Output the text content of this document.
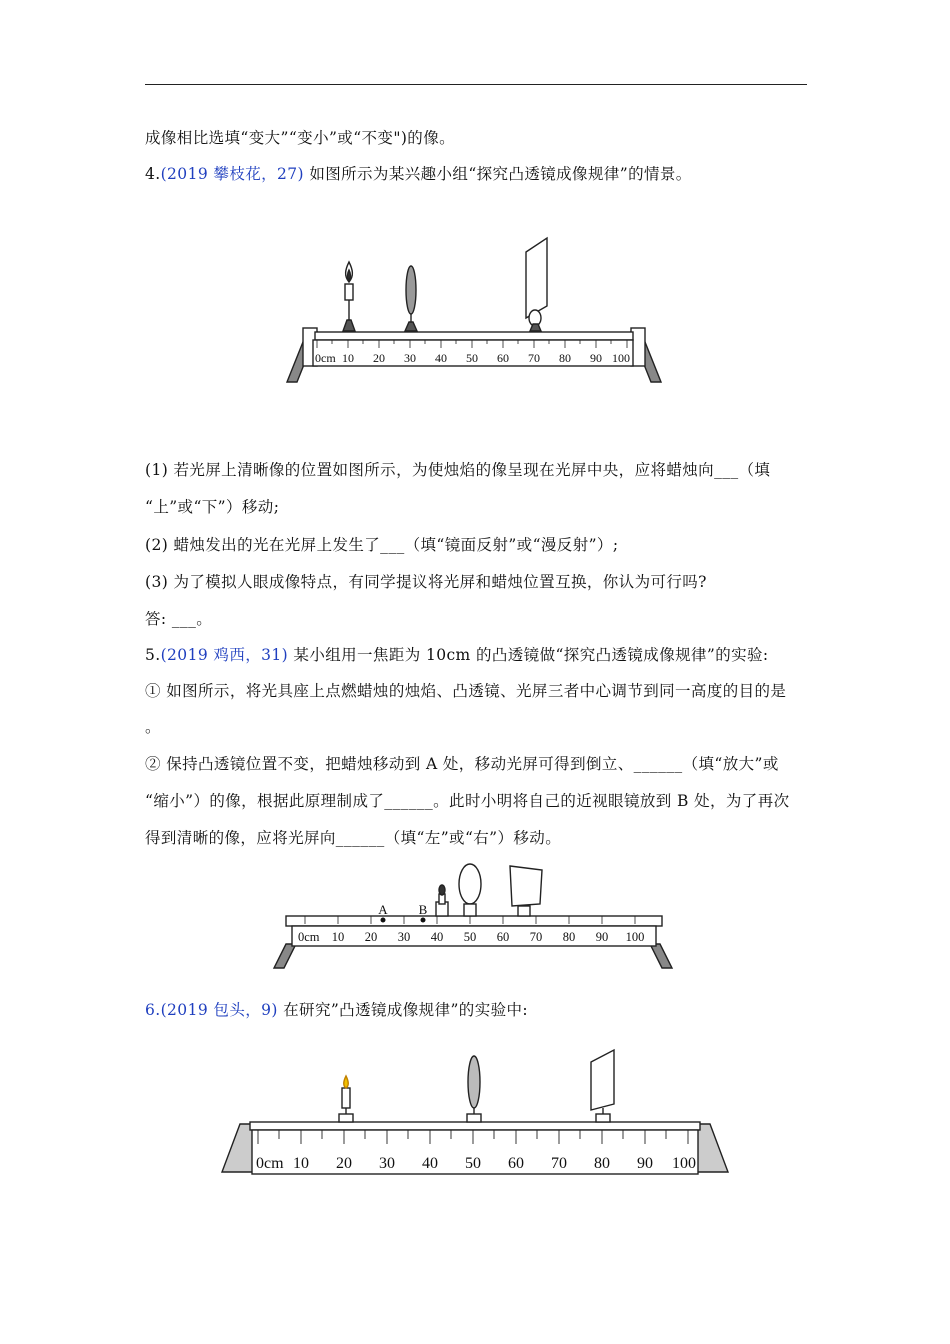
成像相比选填“变大”“变小”或“不变")的像。
4.(2019 攀枝花，27) 如图所示为某兴趣小组“探究凸透镜成像规律”的情景。
0cm 10 20 30 40 50 60 70 80 90 100
(1) 若光屏上清晰像的位置如图所示，为使烛焰的像呈现在光屏中央，应将蜡烛向___（填
“上”或“下”）移动;
(2) 蜡烛发出的光在光屏上发生了___（填“镜面反射”或“漫反射”）;
(3) 为了模拟人眼成像特点，有同学提议将光屏和蜡烛位置互换，你认为可行吗?
答: ___。
5.(2019 鸡西，31) 某小组用一焦距为 10cm 的凸透镜做“探究凸透镜成像规律”的实验:
① 如图所示，将光具座上点燃蜡烛的烛焰、凸透镜、光屏三者中心调节到同一高度的目的是
。
② 保持凸透镜位置不变，把蜡烛移动到 A 处，移动光屏可得到倒立、______（填“放大”或
“缩小”）的像，根据此原理制成了______。此时小明将自己的近视眼镜放到 B 处，为了再次
得到清晰的像，应将光屏向______（填“左”或“右”）移动。
A B
0cm 10 20 30 40 50 60 70 80 90 100
6.(2019 包头，9) 在研究”凸透镜成像规律”的实验中:
0cm 10 20 30 40 50 60 70 80 90 100
